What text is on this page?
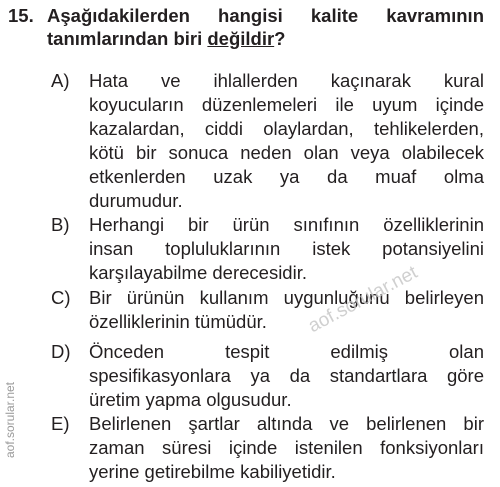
15. Aşağıdakilerden hangisi kalite kavramının
tanımlarından biri değildir?
A) Hata ve ihlallerden kaçınarak kural
koyucuların düzenlemeleri ile uyum içinde
kazalardan, ciddi olaylardan, tehlikelerden,
kötü bir sonuca neden olan veya olabilecek
etkenlerden uzak ya da muaf olma
durumudur.
B) Herhangi bir ürün sınıfının özelliklerinin
insan topluluklarının istek potansiyelini
karşılayabilme derecesidir.
C) Bir ürünün kullanım uygunluğunu belirleyen
özelliklerinin tümüdür.
D) Önceden tespit edilmiş olan
spesifikasyonlara ya da standartlara göre
üretim yapma olgusudur.
E) Belirlenen şartlar altında ve belirlenen bir
zaman süresi içinde istenilen fonksiyonları
yerine getirebilme kabiliyetidir.
aof.sorular.net
aof.sorular.net
